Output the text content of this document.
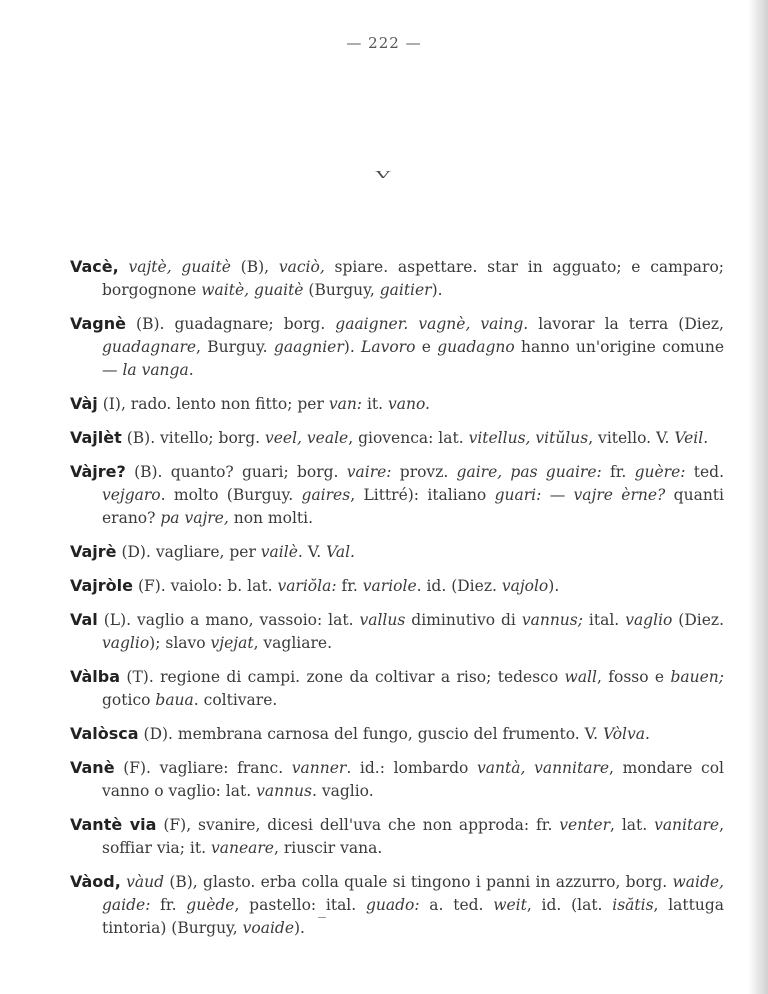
— 222 —
V

Vacè, vajtè, guaitè (B), vaciò, spiare. aspettare. star in agguato; e camparo; borgognone waitè, guaitè (Burguy, gaitier).

Vagnè (B). guadagnare; borg. gaaigner. vagnè, vaing. lavorar la terra (Diez, guadagnare, Burguy. gaagnier). Lavoro e guadagno hanno un'origine comune — la vanga.

Vàj (I), rado. lento non fitto; per van: it. vano.

Vajlèt (B). vitello; borg. veel, veale, giovenca: lat. vitellus, vitŭlus, vitello. V. Veil.

Vàjre? (B). quanto? guari; borg. vaire: provz. gaire, pas guaire: fr. guère: ted. vejgaro. molto (Burguy. gaires, Littré): italiano guari: — vajre èrne? quanti erano? pa vajre, non molti.

Vajrè (D). vagliare, per vailè. V. Val.

Vajròle (F). vaiolo: b. lat. variŏla: fr. variole. id. (Diez. vajolo).

Val (L). vaglio a mano, vassoio: lat. vallus diminutivo di vannus; ital. vaglio (Diez. vaglio); slavo vjejat, vagliare.

Vàlba (T). regione di campi. zone da coltivar a riso; tedesco wall, fosso e bauen; gotico baua. coltivare.

Valòsca (D). membrana carnosa del fungo, guscio del frumento. V. Vòlva.

Vanè (F). vagliare: franc. vanner. id.: lombardo vantà, vannitare, mondare col vanno o vaglio: lat. vannus. vaglio.

Vantè via (F), svanire, dicesi dell'uva che non approda: fr. venter, lat. vanitare, soffiar via; it. vaneare, riuscir vana.

Vàod, vàud (B), glasto. erba colla quale si tingono i panni in azzurro, borg. waide, gaide: fr. guède, pastello: ital. guado: a. ted. weit, id. (lat. isătis, lattuga tintoria) (Burguy, voaide).
